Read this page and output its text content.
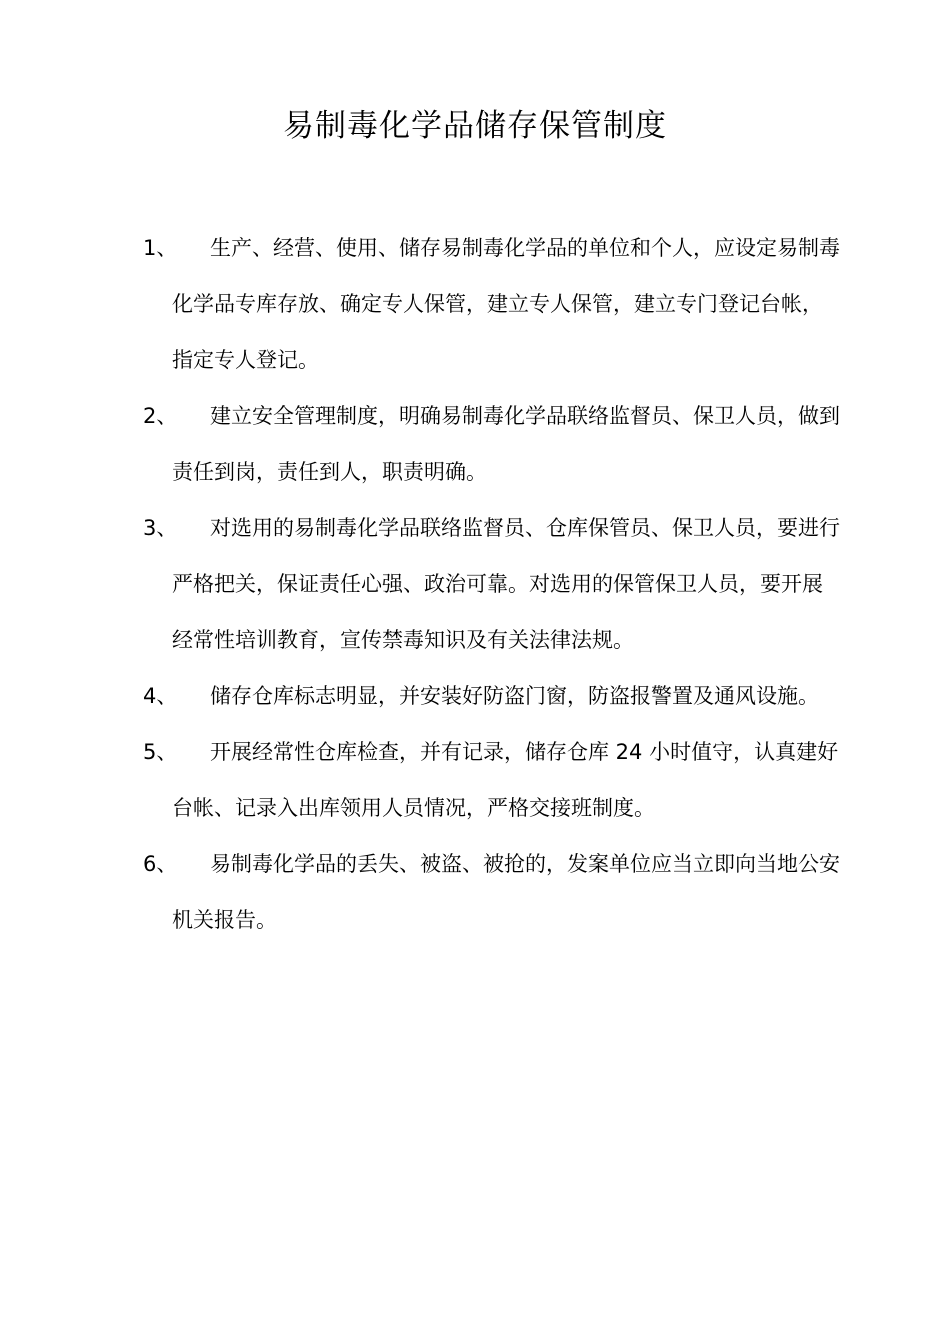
易制毒化学品储存保管制度
1、	生产、经营、使用、储存易制毒化学品的单位和个人，应设定易制毒化学品专库存放、确定专人保管，建立专人保管，建立专门登记台帐，指定专人登记。
2、	建立安全管理制度，明确易制毒化学品联络监督员、保卫人员，做到责任到岗，责任到人，职责明确。
3、	对选用的易制毒化学品联络监督员、仓库保管员、保卫人员，要进行严格把关，保证责任心强、政治可靠。对选用的保管保卫人员，要开展经常性培训教育，宣传禁毒知识及有关法律法规。
4、	储存仓库标志明显，并安装好防盗门窗，防盗报警置及通风设施。
5、	开展经常性仓库检查，并有记录，储存仓库 24 小时值守，认真建好台帐、记录入出库领用人员情况，严格交接班制度。
6、	易制毒化学品的丢失、被盗、被抢的，发案单位应当立即向当地公安机关报告。
